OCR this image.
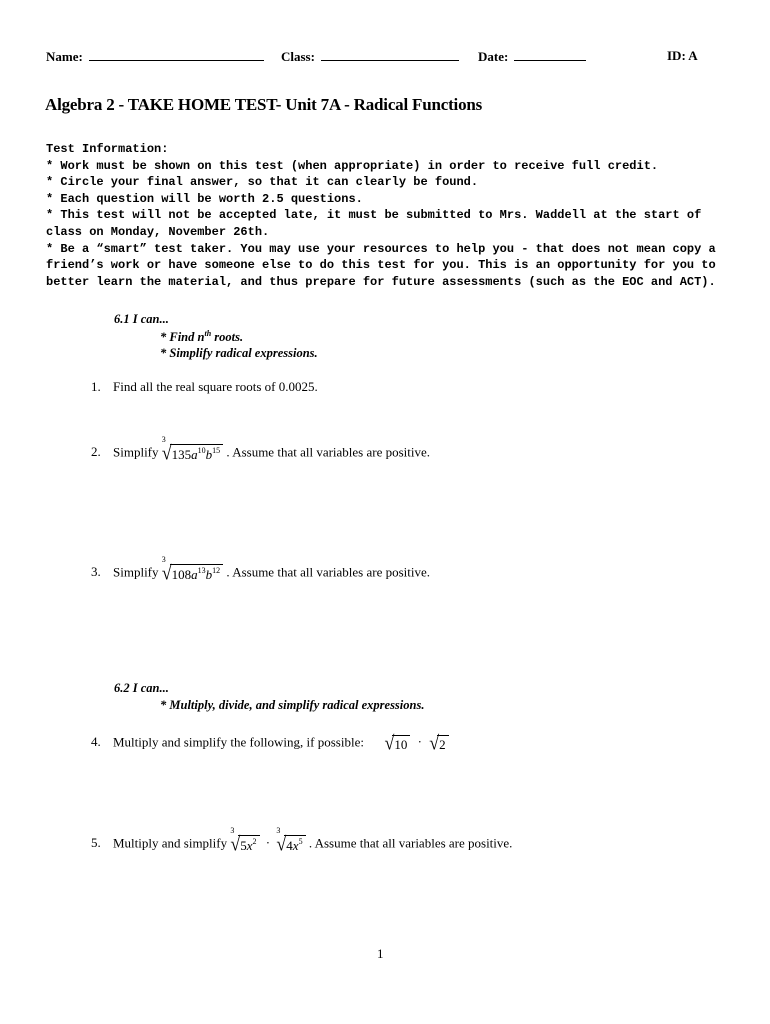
Name:	Class:	Date:	ID: A
Algebra 2 - TAKE HOME TEST- Unit 7A - Radical Functions
Test Information:
* Work must be shown on this test (when appropriate) in order to receive full credit.
* Circle your final answer, so that it can clearly be found.
* Each question will be worth 2.5 questions.
* This test will not be accepted late, it must be submitted to Mrs. Waddell at the start of class on Monday, November 26th.
* Be a “smart” test taker. You may use your resources to help you - that does not mean copy a friend’s work or have someone else to do this test for you. This is an opportunity for you to better learn the material, and thus prepare for future assessments (such as the EOC and ACT).
6.1 I can...
* Find $n^{th}$ roots.
* Simplify radical expressions.
1. Find all the real square roots of 0.0025.
2. Simplify
3
$√135a^{10}b^{15}$ . Assume that all variables are positive.
3. Simplify
3
$√108a^{13}b^{12}$ . Assume that all variables are positive.
6.2 I can...
* Multiply, divide, and simplify radical expressions.
4. Multiply and simplify the following, if possible: √10 · √2
5. Multiply and simplify
3
$√5x^2$ ·
3
$√4x^5$ . Assume that all variables are positive.
1
